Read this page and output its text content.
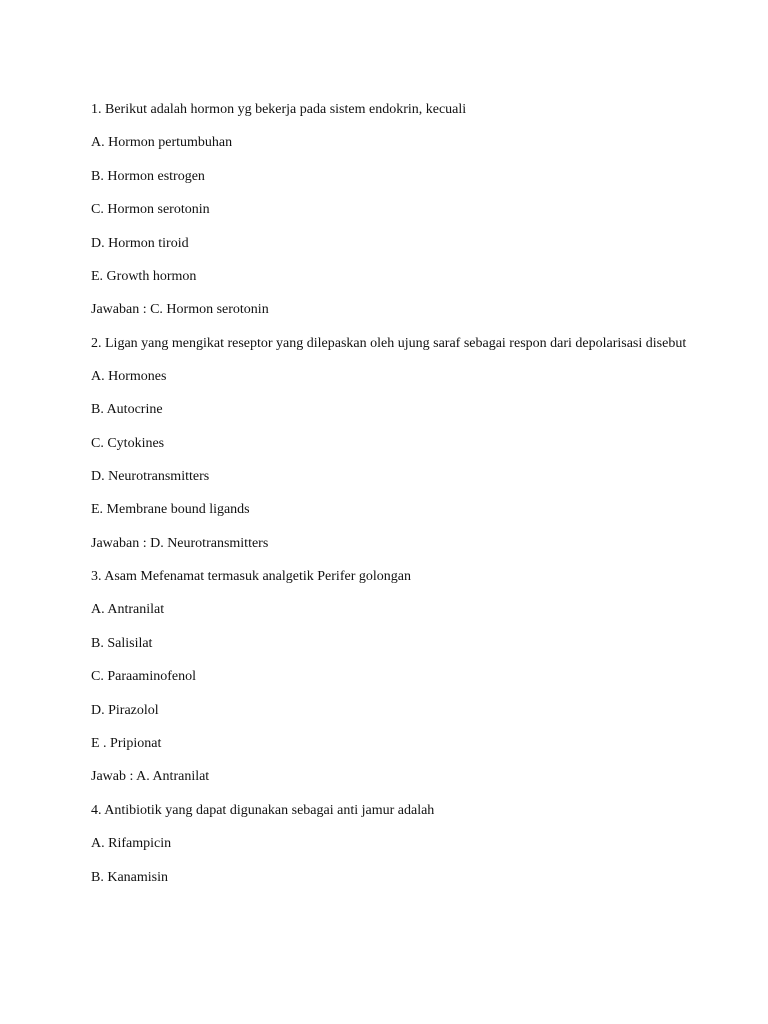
1. Berikut adalah hormon yg bekerja pada sistem endokrin, kecuali

A. Hormon pertumbuhan

B. Hormon estrogen

C. Hormon serotonin

D. Hormon tiroid

E. Growth hormon

Jawaban : C. Hormon serotonin

2. Ligan yang mengikat reseptor yang dilepaskan oleh ujung saraf sebagai respon dari depolarisasi disebut

A. Hormones

B. Autocrine

C. Cytokines

D. Neurotransmitters

E. Membrane bound ligands

Jawaban : D. Neurotransmitters

3. Asam Mefenamat termasuk analgetik Perifer golongan

A. Antranilat

B. Salisilat

C. Paraaminofenol

D. Pirazolol

E . Pripionat

Jawab : A. Antranilat

4. Antibiotik yang dapat digunakan sebagai anti jamur adalah

A. Rifampicin

B. Kanamisin
